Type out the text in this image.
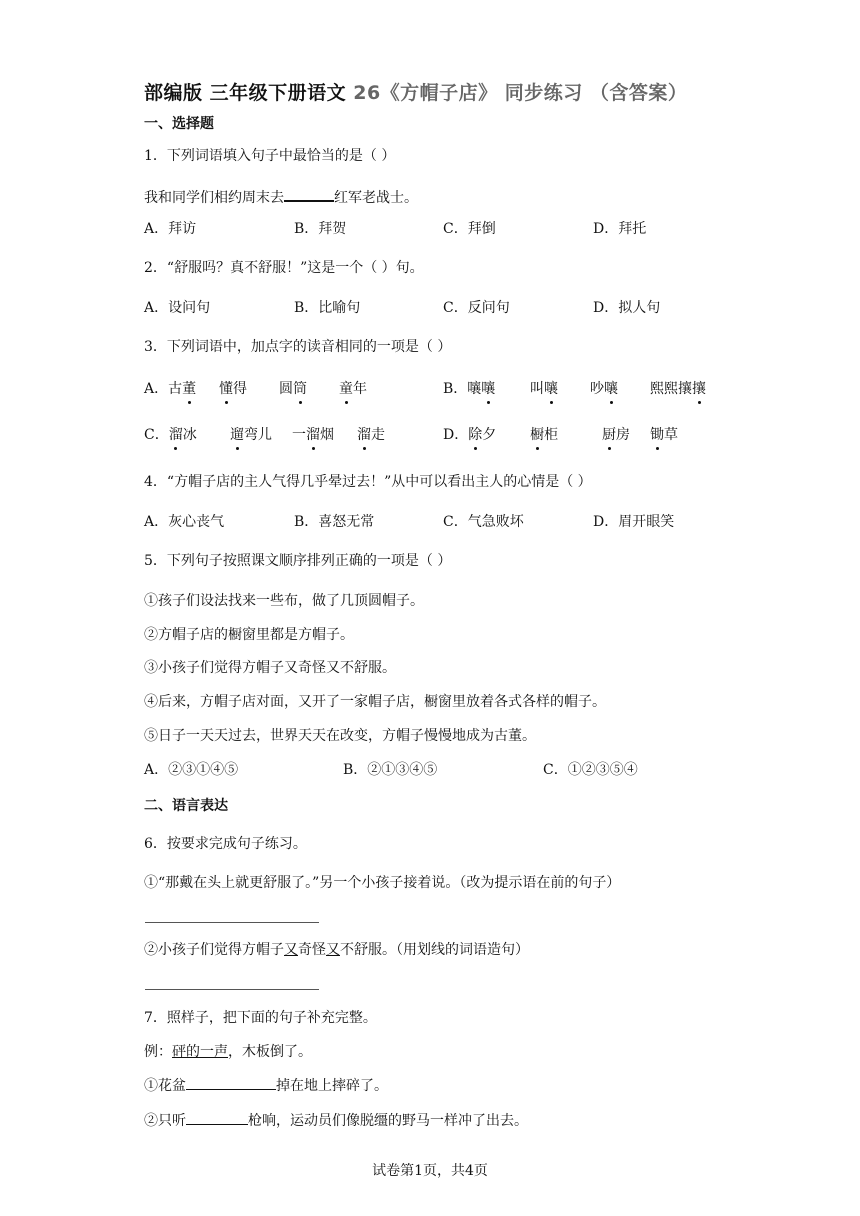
部编版 三年级下册语文 26《方帽子店》 同步练习 （含答案）
一、选择题
1．下列词语填入句子中最恰当的是（ ）
我和同学们相约周末去	红军老战士。
A．拜访	B．拜贺	C．拜倒	D．拜托
2．“舒服吗？真不舒服！”这是一个（ ）句。
A．设问句	B．比喻句	C．反问句	D．拟人句
3．下列词语中，加点字的读音相同的一项是（ ）
A．古董 懂得 圆筒 童年	B．嚷嚷 叫嚷 吵嚷 熙熙攘攘
C．溜冰 遛弯儿 一溜烟 溜走	D．除夕 橱柜	厨房 锄草
4．“方帽子店的主人气得几乎晕过去！”从中可以看出主人的心情是（ ）
A．灰心丧气	B．喜怒无常	C．气急败坏	D．眉开眼笑
5．下列句子按照课文顺序排列正确的一项是（ ）
①孩子们设法找来一些布，做了几顶圆帽子。
②方帽子店的橱窗里都是方帽子。
③小孩子们觉得方帽子又奇怪又不舒服。
④后来，方帽子店对面，又开了一家帽子店，橱窗里放着各式各样的帽子。
⑤日子一天天过去，世界天天在改变，方帽子慢慢地成为古董。
A．②③①④⑤	B．②①③④⑤	C．①②③⑤④
二、语言表达
6．按要求完成句子练习。
①“那戴在头上就更舒服了。”另一个小孩子接着说。（改为提示语在前的句子）
②小孩子们觉得方帽子又奇怪又不舒服。（用划线的词语造句）
7．照样子，把下面的句子补充完整。
例：砰的一声，木板倒了。
①花盆	掉在地上摔碎了。
②只听	枪响，运动员们像脱缰的野马一样冲了出去。
试卷第1页，共4页
